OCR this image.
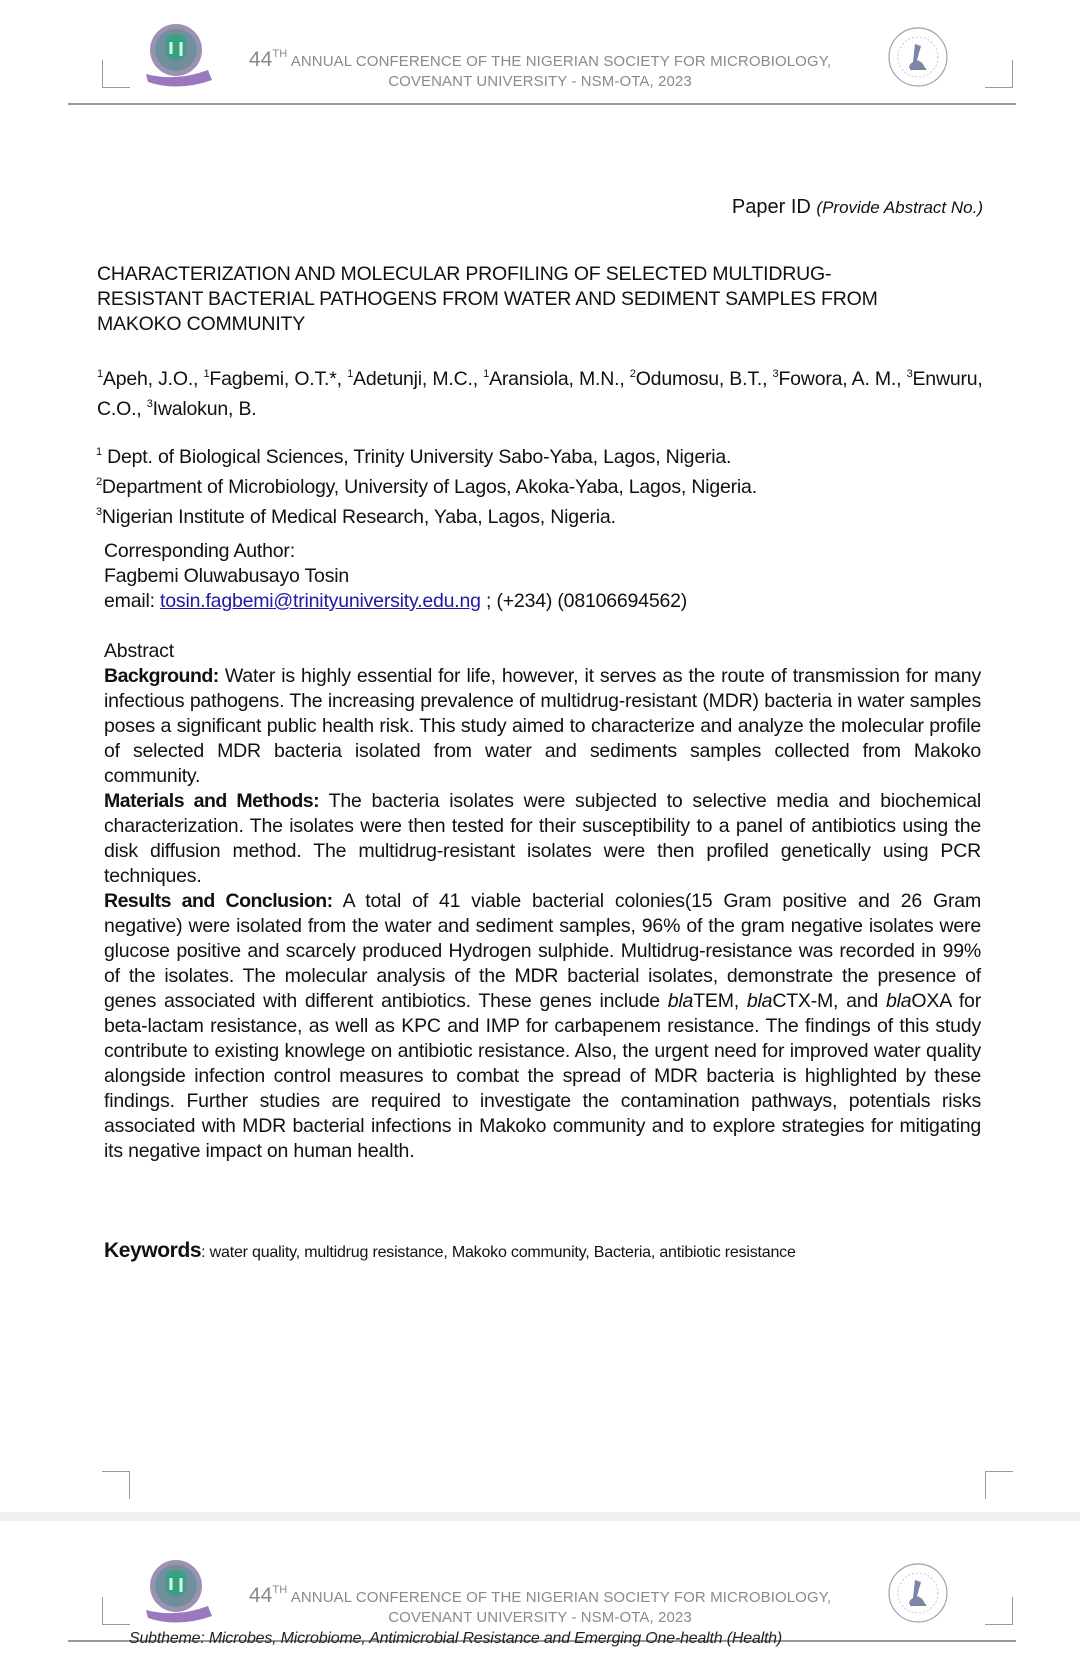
44TH ANNUAL CONFERENCE OF THE NIGERIAN SOCIETY FOR MICROBIOLOGY,
COVENANT UNIVERSITY - NSM-OTA, 2023
Paper ID (Provide Abstract No.)
CHARACTERIZATION AND MOLECULAR PROFILING OF SELECTED MULTIDRUG-
RESISTANT BACTERIAL PATHOGENS FROM WATER AND SEDIMENT SAMPLES FROM
MAKOKO COMMUNITY
$^1$Apeh, J.O., $^1$Fagbemi, O.T.*, $^1$Adetunji, M.C., $^1$Aransiola, M.N., $^2$Odumosu, B.T., $^3$Fowora, A. M., $^3$Enwuru, C.O., $^3$Iwalokun, B.
$^1$ Dept. of Biological Sciences, Trinity University Sabo-Yaba, Lagos, Nigeria.
$^2$Department of Microbiology, University of Lagos, Akoka-Yaba, Lagos, Nigeria.
$^3$Nigerian Institute of Medical Research, Yaba, Lagos, Nigeria.
Corresponding Author:
Fagbemi Oluwabusayo Tosin
email: tosin.fagbemi@trinityuniversity.edu.ng ; (+234) (08106694562)
Abstract
Background: Water is highly essential for life, however, it serves as the route of transmission for many infectious pathogens. The increasing prevalence of multidrug-resistant (MDR) bacteria in water samples poses a significant public health risk. This study aimed to characterize and analyze the molecular profile of selected MDR bacteria isolated from water and sediments samples collected from Makoko community.
Materials and Methods: The bacteria isolates were subjected to selective media and biochemical characterization. The isolates were then tested for their susceptibility to a panel of antibiotics using the disk diffusion method. The multidrug-resistant isolates were then profiled genetically using PCR techniques.
Results and Conclusion: A total of 41 viable bacterial colonies(15 Gram positive and 26 Gram negative) were isolated from the water and sediment samples, 96% of the gram negative isolates were glucose positive and scarcely produced Hydrogen sulphide. Multidrug-resistance was recorded in 99% of the isolates. The molecular analysis of the MDR bacterial isolates, demonstrate the presence of genes associated with different antibiotics. These genes include blaTEM, blaCTX-M, and blaOXA for beta-lactam resistance, as well as KPC and IMP for carbapenem resistance. The findings of this study contribute to existing knowlege on antibiotic resistance. Also, the urgent need for improved water quality alongside infection control measures to combat the spread of MDR bacteria is highlighted by these findings. Further studies are required to investigate the contamination pathways, potentials risks associated with MDR bacterial infections in Makoko community and to explore strategies for mitigating its negative impact on human health.
Keywords: water quality, multidrug resistance, Makoko community, Bacteria, antibiotic resistance
44TH ANNUAL CONFERENCE OF THE NIGERIAN SOCIETY FOR MICROBIOLOGY,
COVENANT UNIVERSITY - NSM-OTA, 2023
Subtheme: Microbes, Microbiome, Antimicrobial Resistance and Emerging One-health (Health)
